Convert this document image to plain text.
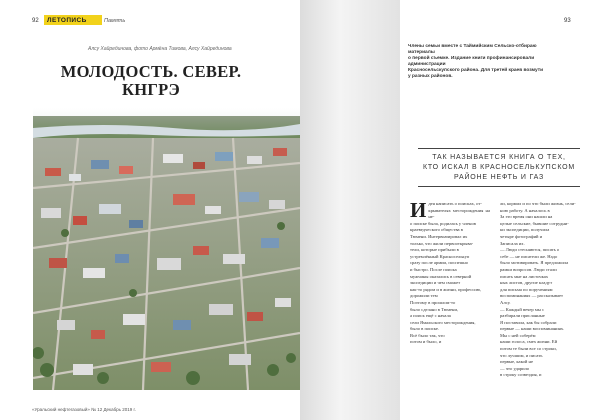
92 ЛЕТОПИСЬ	Память
Алсу Хайрединова, фото Армёна Тимова, Алсу Хайрединова
МОЛОДОСТЬ. СЕВЕР.
КНГРЭ
«Уральский нефтегазовый» № 12 Декабрь 2019 г.
93
Члены семьи вместе с Таймийским Сельско-отбираю материалы
о первой съемке. Издание книги профинансировали администрации
Красносельскупского района. Для третей краев возмути
у разных районов.
ТАК НАЗЫВАЕТСЯ КНИГА О ТЕХ,
КТО ИСКАЛ В КРАСНОСЕЛЬКУПСКОМ
РАЙОНЕ НЕФТЬ И ГАЗ
И дея написать о поисках, от-
крывателях месторождения на не-
о поиске была, родилась у членов
краеведческого общества в
Тюмени. Интервьюировал их
только, что жили первооткрыва-
тели, которые прибыли в
устремлённый Красноселькуп
сразу после армии, поспешно
и быстро. После поиска
мужчины оказались в северной
экспедиции и чем сможет
как-то рядом и в жизни, профессию,
дорожили тем
Поэтому в прошлом-то
было сделано в Тюмени,
а поиск ещё с начала
сели Ямальского месторождения,
было в поиске.
Всё было так, что
потом и было, и
ли, кормил и по что были жизнь, сели-
ною работу. А началось в
За это время они нашли на
целые сельские, бывшие сотрудни-
ки экспедиции, получила
четыре фотографий и
Записала их.
— Люди стесняются, писать о
себе — не писатели же. Надо
было мотивировать. Я предложила
рамки вопросов. Люди стали
писать мне на листочках
ных листов, другие кладут
для письма по поручениям
воспоминаниях — рассказывает
Алсу.
— Каждый вечер мы с
разбирали присланные
Я поставила, как бы собрали
первые — наши воспоминаниях.
Мы с ней соберём
наши голоса, смех жизни. Ей
потом те были все со строки,
что лучшим, и писать
первые, какой не
— что ударило
в строку созвездия, и
